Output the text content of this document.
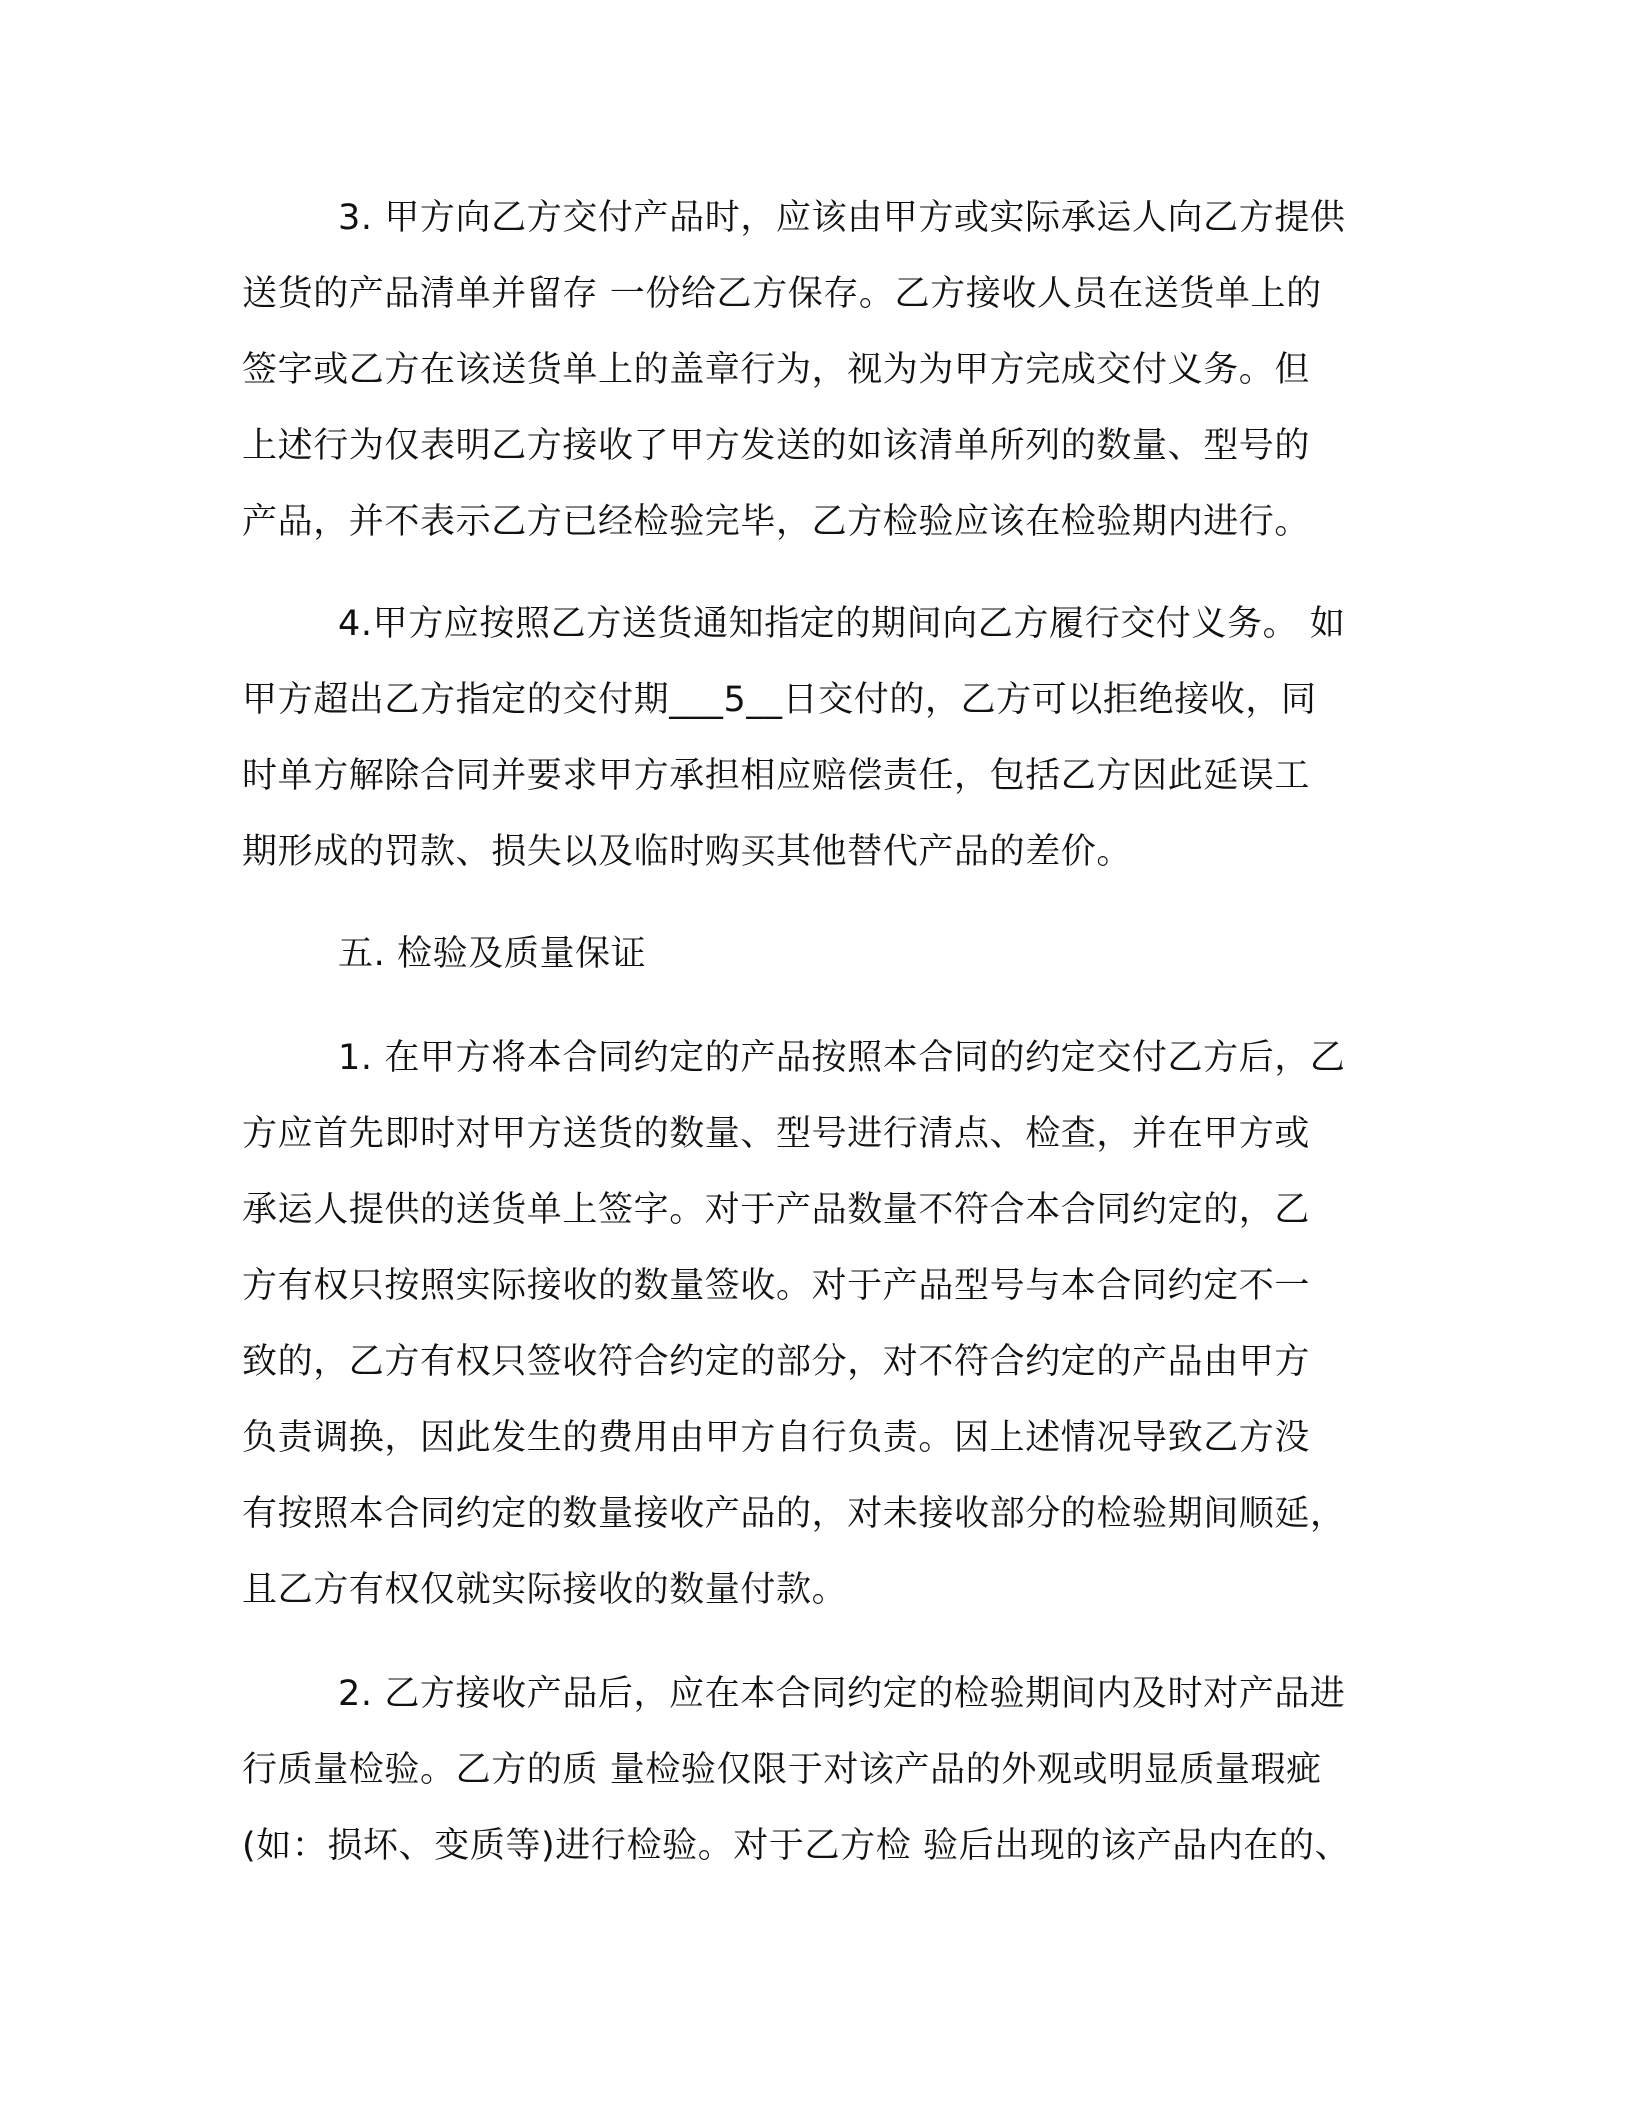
3. 甲方向乙方交付产品时，应该由甲方或实际承运人向乙方提供
送货的产品清单并留存 一份给乙方保存。乙方接收人员在送货单上的
签字或乙方在该送货单上的盖章行为，视为为甲方完成交付义务。但
上述行为仅表明乙方接收了甲方发送的如该清单所列的数量、型号的
产品，并不表示乙方已经检验完毕，乙方检验应该在检验期内进行。
4.甲方应按照乙方送货通知指定的期间向乙方履行交付义务。 如
甲方超出乙方指定的交付期___5__日交付的，乙方可以拒绝接收，同
时单方解除合同并要求甲方承担相应赔偿责任，包括乙方因此延误工
期形成的罚款、损失以及临时购买其他替代产品的差价。
五. 检验及质量保证
1. 在甲方将本合同约定的产品按照本合同的约定交付乙方后，乙
方应首先即时对甲方送货的数量、型号进行清点、检查，并在甲方或
承运人提供的送货单上签字。对于产品数量不符合本合同约定的，乙
方有权只按照实际接收的数量签收。对于产品型号与本合同约定不一
致的，乙方有权只签收符合约定的部分，对不符合约定的产品由甲方
负责调换，因此发生的费用由甲方自行负责。因上述情况导致乙方没
有按照本合同约定的数量接收产品的，对未接收部分的检验期间顺延，
且乙方有权仅就实际接收的数量付款。
2. 乙方接收产品后，应在本合同约定的检验期间内及时对产品进
行质量检验。乙方的质 量检验仅限于对该产品的外观或明显质量瑕疵
(如：损坏、变质等)进行检验。对于乙方检 验后出现的该产品内在的、
